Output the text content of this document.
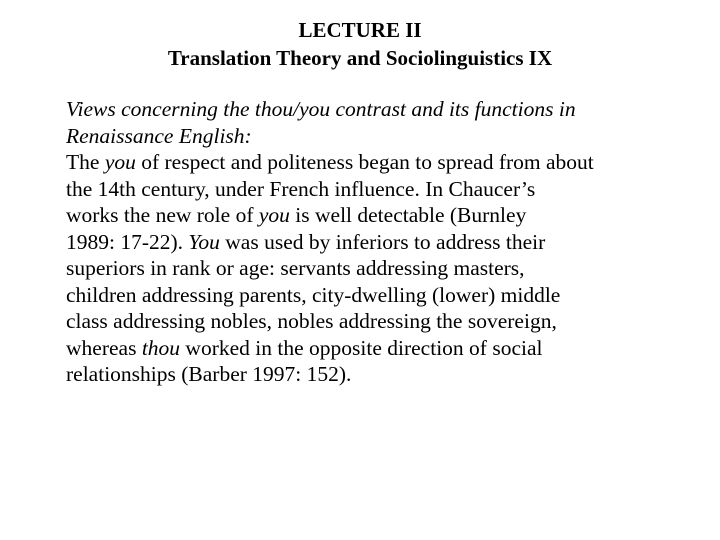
LECTURE II
Translation Theory and Sociolinguistics IX

Views concerning the thou/you contrast and its functions in
Renaissance English:

The you of respect and politeness began to spread from about
the 14th century, under French influence. In Chaucer’s
works the new role of you is well detectable (Burnley
1989: 17-22). You was used by inferiors to address their
superiors in rank or age: servants addressing masters,
children addressing parents, city-dwelling (lower) middle
class addressing nobles, nobles addressing the sovereign,
whereas thou worked in the opposite direction of social
relationships (Barber 1997: 152).
